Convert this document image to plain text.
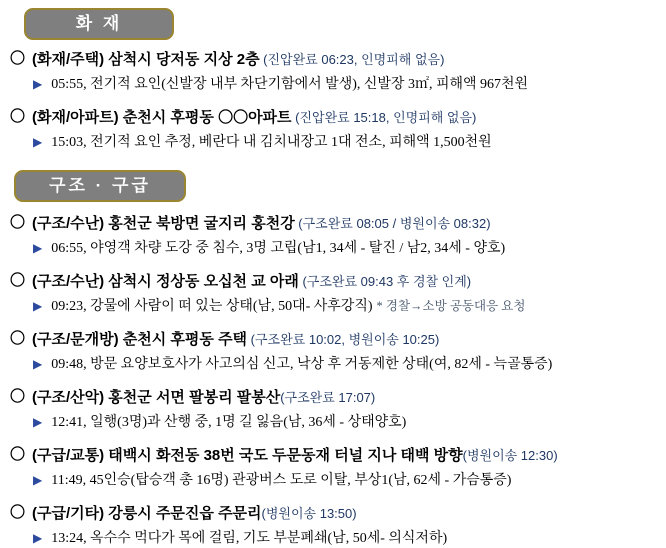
화 재
〇 (화재/주택) 삼척시 당저동 지상 2층 (진압완료 06:23, 인명피해 없음)
▶ 05:55, 전기적 요인(신발장 내부 차단기함에서 발생), 신발장 3㎡, 피해액 967천원
〇 (화재/아파트) 춘천시 후평동 〇〇아파트 (진압완료 15:18, 인명피해 없음)
▶ 15:03, 전기적 요인 추정, 베란다 내 김치내장고 1대 전소, 피해액 1,500천원
구조 · 구급
〇 (구조/수난) 홍천군 북방면 굴지리 홍천강 (구조완료 08:05 / 병원이송 08:32)
▶ 06:55, 야영객 차량 도강 중 침수, 3명 고립(남1, 34세 - 탈진 / 남2, 34세 - 양호)
〇 (구조/수난) 삼척시 정상동 오십천 교 아래 (구조완료 09:43 후 경찰 인계)
▶ 09:23, 강물에 사람이 떠 있는 상태(남, 50대- 사후강직) * 경찰→소방 공동대응 요청
〇 (구조/문개방) 춘천시 후평동 주택 (구조완료 10:02, 병원이송 10:25)
▶ 09:48, 방문 요양보호사가 사고의심 신고, 낙상 후 거동제한 상태(여, 82세 - 늑골통증)
〇 (구조/산악) 홍천군 서면 팔봉리 팔봉산(구조완료 17:07)
▶ 12:41, 일행(3명)과 산행 중, 1명 길 잃음(남, 36세 - 상태양호)
〇 (구급/교통) 태백시 화전동 38번 국도 두문동재 터널 지나 태백 방향(병원이송 12:30)
▶ 11:49, 45인승(탑승객 총 16명) 관광버스 도로 이탈, 부상1(남, 62세 - 가슴통증)
〇 (구급/기타) 강릉시 주문진읍 주문리(병원이송 13:50)
▶ 13:24, 옥수수 먹다가 목에 걸림, 기도 부분폐쇄(남, 50세- 의식저하)
